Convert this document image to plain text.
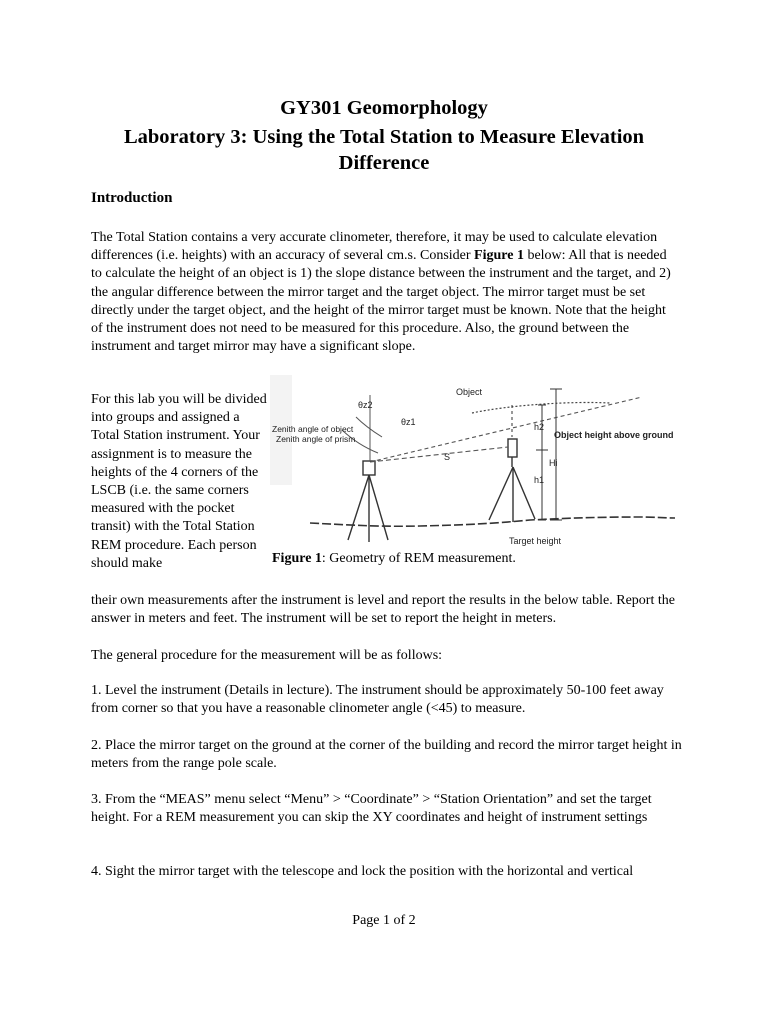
GY301 Geomorphology
Laboratory 3: Using the Total Station to Measure Elevation
Difference
Introduction

The Total Station contains a very accurate clinometer, therefore, it may be used to calculate elevation differences (i.e. heights) with an accuracy of several cm.s. Consider Figure 1 below: All that is needed to calculate the height of an object is 1) the slope distance between the instrument and the target, and 2) the angular difference between the mirror target and the target object. The mirror target must be set directly under the target object, and the height of the mirror target must be known. Note that the height of the instrument does not need to be measured for this procedure. Also, the ground between the instrument and target mirror may have a significant slope.

For this lab you will be divided into groups and assigned a Total Station instrument. Your assignment is to measure the heights of the 4 corners of the LSCB (i.e. the same corners measured with the pocket transit) with the Total Station REM procedure. Each person should make

Object
θz2
θz1
Zenith angle of object
Zenith angle of prism
S
h2
Hi
h1
Object height above ground
Target height
Figure 1: Geometry of REM measurement.

their own measurements after the instrument is level and report the results in the below table. Report the answer in meters and feet. The instrument will be set to report the height in meters.

The general procedure for the measurement will be as follows:

1. Level the instrument (Details in lecture). The instrument should be approximately 50-100 feet away from corner so that you have a reasonable clinometer angle (<45) to measure.

2. Place the mirror target on the ground at the corner of the building and record the mirror target height in meters from the range pole scale.

3. From the “MEAS” menu select “Menu” > “Coordinate” > “Station Orientation” and set the target height. For a REM measurement you can skip the XY coordinates and height of instrument settings

4. Sight the mirror target with the telescope and lock the position with the horizontal and vertical

Page 1 of 2
